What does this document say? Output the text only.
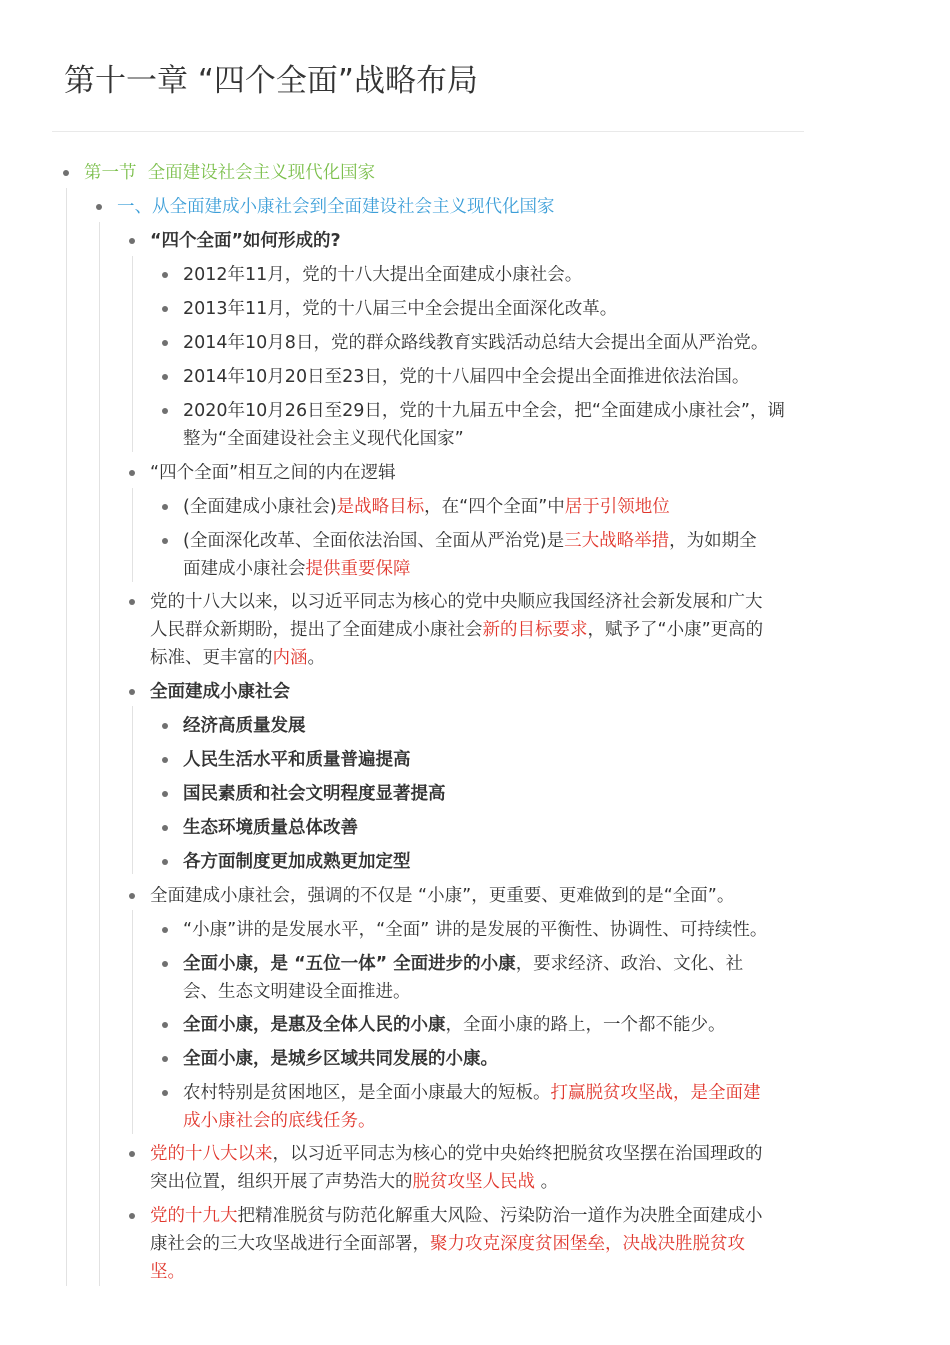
第十一章 “四个全面”战略布局
第一节 全面建设社会主义现代化国家
一、从全面建成小康社会到全面建设社会主义现代化国家
“四个全面”如何形成的?
2012年11月，党的十八大提出全面建成小康社会。
2013年11月，党的十八届三中全会提出全面深化改革。
2014年10月8日，党的群众路线教育实践活动总结大会提出全面从严治党。
2014年10月20日至23日，党的十八届四中全会提出全面推进依法治国。
2020年10月26日至29日，党的十九届五中全会，把“全面建成小康社会”，调
整为“全面建设社会主义现代化国家”
“四个全面”相互之间的内在逻辑
(全面建成小康社会)是战略目标，在“四个全面”中居于引领地位
(全面深化改革、全面依法治国、全面从严治党)是三大战略举措，为如期全
面建成小康社会提供重要保障
党的十八大以来，以习近平同志为核心的党中央顺应我国经济社会新发展和广大
人民群众新期盼，提出了全面建成小康社会新的目标要求，赋予了“小康”更高的
标准、更丰富的内涵。
全面建成小康社会
经济高质量发展
人民生活水平和质量普遍提高
国民素质和社会文明程度显著提高
生态环境质量总体改善
各方面制度更加成熟更加定型
全面建成小康社会，强调的不仅是 “小康”，更重要、更难做到的是“全面”。
“小康”讲的是发展水平，“全面” 讲的是发展的平衡性、协调性、可持续性。
全面小康，是 “五位一体” 全面进步的小康，要求经济、政治、文化、社
会、生态文明建设全面推进。
全面小康，是惠及全体人民的小康，全面小康的路上，一个都不能少。
全面小康，是城乡区域共同发展的小康。
农村特别是贫困地区，是全面小康最大的短板。打赢脱贫攻坚战，是全面建
成小康社会的底线任务。
党的十八大以来，以习近平同志为核心的党中央始终把脱贫攻坚摆在治国理政的
突出位置，组织开展了声势浩大的脱贫攻坚人民战 。
党的十九大把精准脱贫与防范化解重大风险、污染防治一道作为决胜全面建成小
康社会的三大攻坚战进行全面部署，聚力攻克深度贫困堡垒，决战决胜脱贫攻
坚。
